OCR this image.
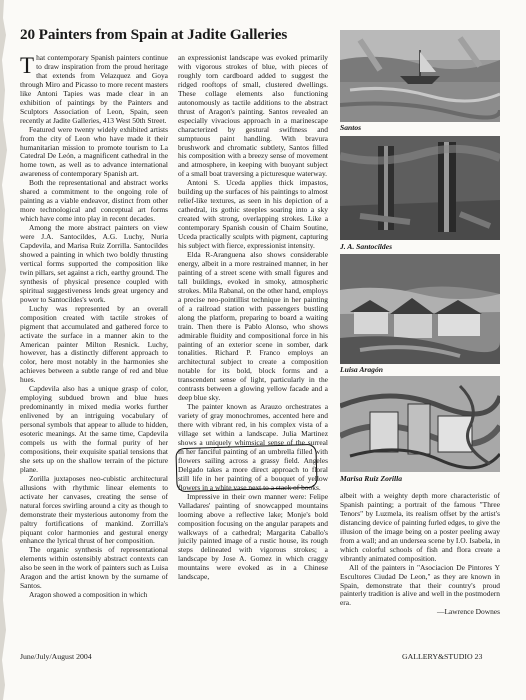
20 Painters from Spain at Jadite Galleries

That contemporary Spanish painters continue to draw inspiration from the proud heritage that extends from Velazquez and Goya through Miro and Picasso to more recent masters like Antoni Tapies was made clear in an exhibition of paintings by the Painters and Sculptors Association of Leon, Spain, seen recently at Jadite Galleries, 413 West 50th Street.

Featured were twenty widely exhibited artists from the city of Leon who have made it their humanitarian mission to promote tourism to La Catedral De León, a magnificent cathedral in the home town, as well as to advance international awareness of contemporary Spanish art.

Both the representational and abstract works shared a commitment to the ongoing role of painting as a viable endeavor, distinct from other more technological and conceptual art forms which have come into play in recent decades.

Among the more abstract painters on view were J.A. Santocildes, A.G. Luchy, Nuria Capdevila, and Marisa Ruiz Zorrilla. Santocildes showed a painting in which two boldly thrusting vertical forms supported the composition like twin pillars, set against a rich, earthy ground. The synthesis of physical presence coupled with spiritual suggestiveness lends great urgency and power to Santocildes's work.

Luchy was represented by an overall composition created with tactile strokes of pigment that accumulated and gathered force to activate the surface in a manner akin to the American painter Milton Resnick. Luchy, however, has a distinctly different approach to color, here most notably in the harmonies she achieves between a subtle range of red and blue hues.

Capdevila also has a unique grasp of color, employing subdued brown and blue hues predominantly in mixed media works further enlivened by an intriguing vocabulary of personal symbols that appear to allude to hidden, esoteric meanings. At the same time, Capdevila compels us with the formal purity of her compositions, their exquisite spatial tensions that she sets up on the shallow terrain of the picture plane.

Zorilla juxtaposes neo-cubistic architectural allusions with rhythmic linear elements to activate her canvases, creating the sense of natural forces swirling around a city as though to demonstrate their mysterious autonomy from the paltry fortifications of mankind. Zorrilla's piquant color harmonies and gestural energy enhance the lyrical thrust of her composition.

The organic synthesis of representational elements within ostensibly abstract contexts can also be seen in the work of painters such as Luisa Aragon and the artist known by the surname of Santos.

Aragon showed a composition in which

an expressionist landscape was evoked primarily with vigorous strokes of blue, with pieces of roughly torn cardboard added to suggest the ridged rooftops of small, clustered dwellings. These collage elements also functioning autonomously as tactile additions to the abstract thrust of Aragon's painting. Santos revealed an especially vivacious approach in a marinescape characterized by gestural swiftness and sumptuous paint handling. With bravura brushwork and chromatic subtlety, Santos filled his composition with a breezy sense of movement and atmosphere, in keeping with buoyant subject of a small boat traversing a picturesque waterway.

Antoni S. Uceda applies thick impastos, building up the surfaces of his paintings to almost relief-like textures, as seen in his depiction of a cathedral, its gothic steeples soaring into a sky created with strong, overlapping strokes. Like a contemporary Spanish cousin of Chaim Soutine, Uceda practically sculpts with pigment, capturing his subject with fierce, expressionist intensity.

Elda R-Aranguena also shows considerable energy, albeit in a more restrained manner, in her painting of a street scene with small figures and tall buildings, evoked in smoky, atmospheric strokes. Mila Rabanal, on the other hand, employs a precise neo-pointillist technique in her painting of a railroad station with passengers bustling along the platform, preparing to board a waiting train. Then there is Pablo Alonso, who shows admirable fluidity and compositional force in his painting of an exterior scene in somber, dark tonalities. Richard P. Franco employs an architectural subject to create a composition notable for its bold, block forms and a transcendent sense of light, particularly in the contrasts between a glowing yellow facade and a deep blue sky.

The painter known as Arauzo orchestrates a variety of gray monochromes, accented here and there with vibrant red, in his complex vista of a village set within a landscape. Julia Martinez shows a uniquely whimsical sense of the surreal in her fanciful painting of an umbrella filled with flowers sailing across a grassy field. Angeles Delgado takes a more direct approach to floral still life in her painting of a bouquet of yellow flowers in a white vase next to a stack of books.

Impressive in their own manner were: Felipe Valladares' painting of snowcapped mountains looming above a reflective lake; Monje's bold composition focusing on the angular parapets and walkways of a cathedral; Margarita Caballo's juicily painted image of a rustic house, its rough steps delineated with vigorous strokes; a landscape by Jose A. Gomez in which craggy mountains were evoked as in a Chinese landscape,

Santos
J. A. Santocildes
Luisa Aragón
Marisa Ruiz Zorilla

albeit with a weighty depth more characteristic of Spanish painting; a portrait of the famous "Three Tenors" by Luzmela, its realism offset by the artist's distancing device of painting furled edges, to give the illusion of the image being on a poster peeling away from a wall; and an undersea scene by I.O. Isabela, in which colorful schools of fish and flora create a vibrantly animated composition.

All of the painters in "Asociacion De Pintores Y Escultores Ciudad De Leon," as they are known in Spain, demonstrate that their country's proud painterly tradition is alive and well in the postmodern era.

—Lawrence Downes

June/July/August 2004	GALLERY&STUDIO 23
